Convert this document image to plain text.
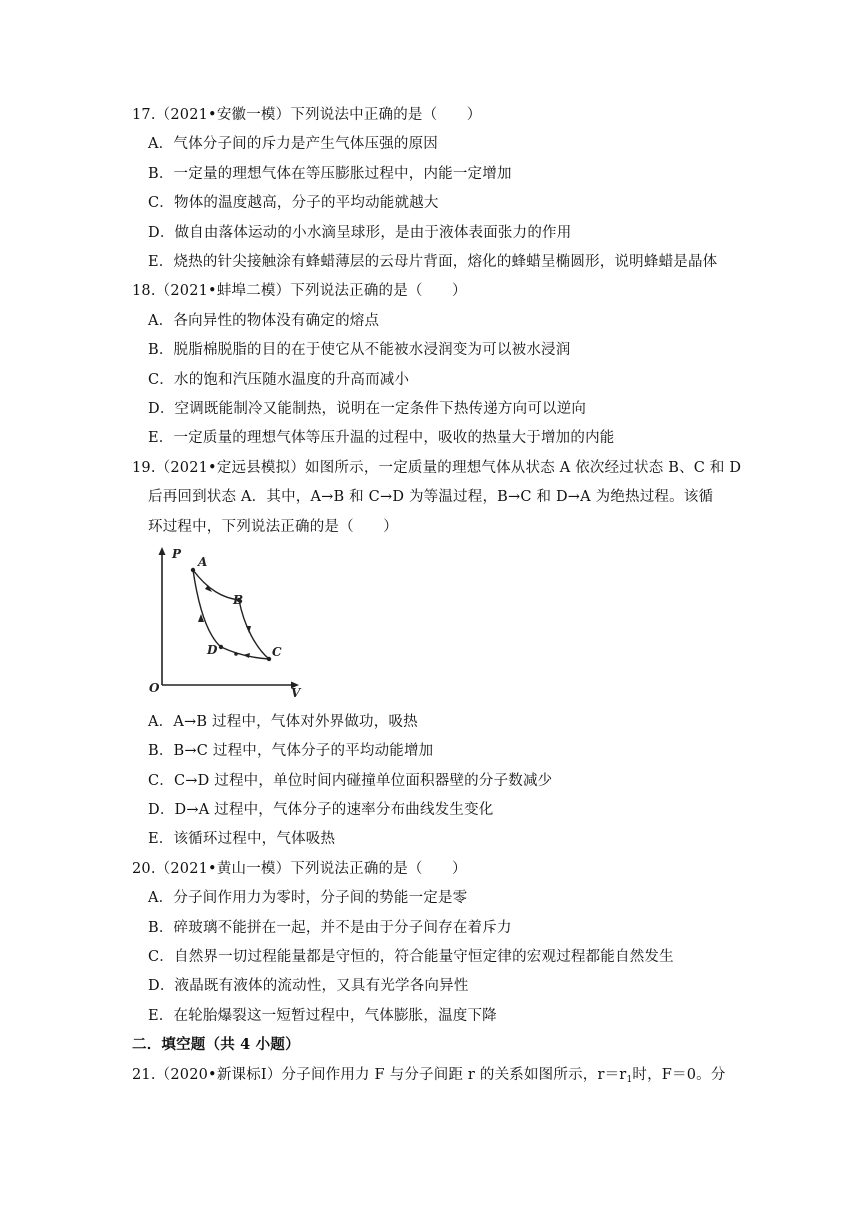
17.（2021•安徽一模）下列说法中正确的是（　　）
A．气体分子间的斥力是产生气体压强的原因
B．一定量的理想气体在等压膨胀过程中，内能一定增加
C．物体的温度越高，分子的平均动能就越大
D．做自由落体运动的小水滴呈球形，是由于液体表面张力的作用
E．烧热的针尖接触涂有蜂蜡薄层的云母片背面，熔化的蜂蜡呈椭圆形，说明蜂蜡是晶体
18.（2021•蚌埠二模）下列说法正确的是（　　）
A．各向异性的物体没有确定的熔点
B．脱脂棉脱脂的目的在于使它从不能被水浸润变为可以被水浸润
C．水的饱和汽压随水温度的升高而减小
D．空调既能制冷又能制热，说明在一定条件下热传递方向可以逆向
E．一定质量的理想气体等压升温的过程中，吸收的热量大于增加的内能
19.（2021•定远县模拟）如图所示，一定质量的理想气体从状态 A 依次经过状态 B、C 和 D
后再回到状态 A．其中，A→B 和 C→D 为等温过程，B→C 和 D→A 为绝热过程。该循
环过程中，下列说法正确的是（　　）
P
A
B
C
D
O	V
A．A→B 过程中，气体对外界做功，吸热
B．B→C 过程中，气体分子的平均动能增加
C．C→D 过程中，单位时间内碰撞单位面积器壁的分子数减少
D．D→A 过程中，气体分子的速率分布曲线发生变化
E．该循环过程中，气体吸热
20.（2021•黄山一模）下列说法正确的是（　　）
A．分子间作用力为零时，分子间的势能一定是零
B．碎玻璃不能拼在一起，并不是由于分子间存在着斥力
C．自然界一切过程能量都是守恒的，符合能量守恒定律的宏观过程都能自然发生
D．液晶既有液体的流动性，又具有光学各向异性
E．在轮胎爆裂这一短暂过程中，气体膨胀，温度下降
二．填空题（共 4 小题）
21.（2020•新课标Ⅰ）分子间作用力 F 与分子间距 r 的关系如图所示，$r=r_1$时，F＝0。分
